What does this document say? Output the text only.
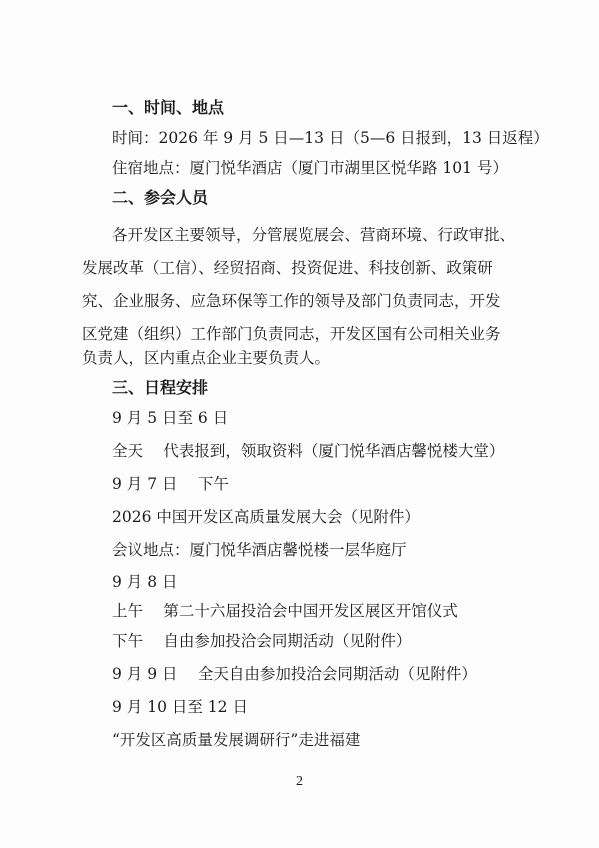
一、时间、地点
时间：2026 年 9 月 5 日—13 日（5—6 日报到，13 日返程）
住宿地点：厦门悦华酒店（厦门市湖里区悦华路 101 号）
二、参会人员
各开发区主要领导，分管展览展会、营商环境、行政审批、
发展改革（工信）、经贸招商、投资促进、科技创新、政策研
究、企业服务、应急环保等工作的领导及部门负责同志，开发
区党建（组织）工作部门负责同志，开发区国有公司相关业务
负责人，区内重点企业主要负责人。
三、日程安排
9 月 5 日至 6 日
全天　 代表报到，领取资料（厦门悦华酒店馨悦楼大堂）
9 月 7 日　 下午
2026 中国开发区高质量发展大会（见附件）
会议地点：厦门悦华酒店馨悦楼一层华庭厅
9 月 8 日
上午　 第二十六届投洽会中国开发区展区开馆仪式
下午　 自由参加投洽会同期活动（见附件）
9 月 9 日　 全天自由参加投洽会同期活动（见附件）
9 月 10 日至 12 日
“开发区高质量发展调研行”走进福建
2
